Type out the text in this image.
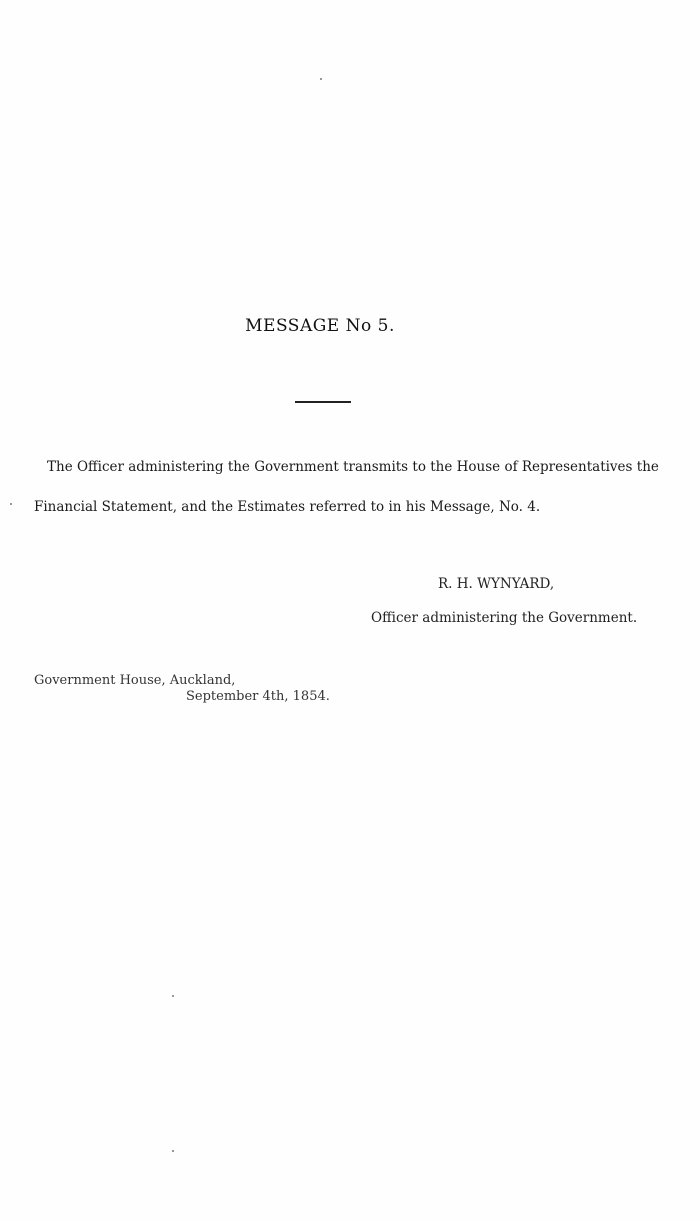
MESSAGE No 5.
The Officer administering the Government transmits to the House of Representatives the
Financial Statement, and the Estimates referred to in his Message, No. 4.
R. H. WYNYARD,
Officer administering the Government.
Government House, Auckland,
September 4th, 1854.
